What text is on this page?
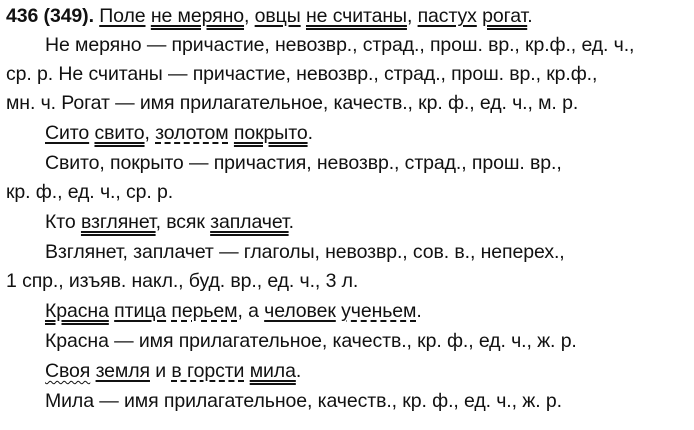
436 (349). Поле не меряно, овцы не считаны, пастух рогат.
Не меряно — причастие, невозвр., страд., прош. вр., кр.ф., ед. ч.,
ср. р. Не считаны — причастие, невозвр., страд., прош. вр., кр.ф.,
мн. ч. Рогат — имя прилагательное, качеств., кр. ф., ед. ч., м. р.
Сито свито, золотом покрыто.
Свито, покрыто — причастия, невозвр., страд., прош. вр.,
кр. ф., ед. ч., ср. р.
Кто взглянет, всяк заплачет.
Взглянет, заплачет — глаголы, невозвр., сов. в., неперех.,
1 спр., изъяв. накл., буд. вр., ед. ч., 3 л.
Красна птица перьем, а человек ученьем.
Красна — имя прилагательное, качеств., кр. ф., ед. ч., ж. р.
Своя земля и в горсти мила.
Мила — имя прилагательное, качеств., кр. ф., ед. ч., ж. р.
